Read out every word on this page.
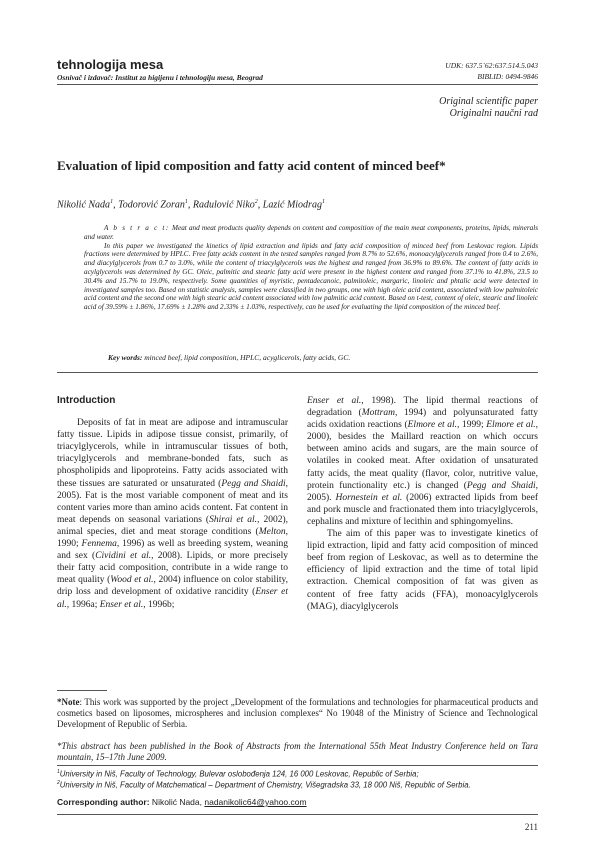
tehnologija mesa
Osnivač i izdavač: Institut za higijenu i tehnologiju mesa, Beograd
UDK: 637.5`62:637.514.5.043
BIBLID: 0494-9846
Original scientific paper
Originalni naučni rad
Evaluation of lipid composition and fatty acid content of minced beef*
Nikolić Nada$^1$, Todorović Zoran$^1$, Radulović Niko$^2$, Lazić Miodrag$^1$

A b s t r a c t: Meat and meat products quality depends on content and composition of the main meat components, proteins, lipids, minerals and water.

In this paper we investigated the kinetics of lipid extraction and lipids and fatty acid composition of minced beef from Leskovac region. Lipids fractions were determined by HPLC. Free fatty acids content in the tested samples ranged from 8.7% to 52.6%, monoacylglycerols ranged from 0.4 to 2.6%, and diacylglycerols from 0.7 to 3.0%, while the content of triacylglycerols was the highest and ranged from 36.9% to 89.6%. The content of fatty acids in acylglycerols was determined by GC. Oleic, palmitic and stearic fatty acid were present in the highest content and ranged from 37.1% to 41.8%, 23.5 to 30.4% and 15.7% to 19.0%, respectively. Some quantities of myristic, pentadecanoic, palmitoleic, margaric, linoleic and phtalic acid were detected in investigated samples too. Based on statistic analysis, samples were classified in two groups, one with high oleic acid content, associated with low palmitoleic acid content and the second one with high stearic acid content associated with low palmitic acid content. Based on t-test, content of oleic, stearic and linoleic acid of 39.59% ± 1.86%, 17.69% ± 1.28% and 2.33% ± 1.03%, respectively, can be used for evaluating the lipid composition of the minced beef.

Key words: minced beef, lipid composition, HPLC, acyglicerols, fatty acids, GC.
Introduction

Deposits of fat in meat are adipose and intramuscular fatty tissue. Lipids in adipose tissue consist, primarily, of triacylglycerols, while in intramuscular tissues of both, triacylglycerols and membrane-bonded fats, such as phospholipids and lipoproteins. Fatty acids associated with these tissues are saturated or unsaturated (Pegg and Shaidi, 2005). Fat is the most variable component of meat and its content varies more than amino acids content. Fat content in meat depends on seasonal variations (Shirai et al., 2002), animal species, diet and meat storage conditions (Melton, 1990; Fennema, 1996) as well as breeding system, weaning and sex (Cividini et al., 2008). Lipids, or more precisely their fatty acid composition, contribute in a wide range to meat quality (Wood et al., 2004) influence on color stability, drip loss and development of oxidative rancidity (Enser et al., 1996a; Enser et al., 1996b;

Enser et al., 1998). The lipid thermal reactions of degradation (Mottram, 1994) and polyunsaturated fatty acids oxidation reactions (Elmore et al., 1999; Elmore et al., 2000), besides the Maillard reaction on which occurs between amino acids and sugars, are the main source of volatiles in cooked meat. After oxidation of unsaturated fatty acids, the meat quality (flavor, color, nutritive value, protein functionality etc.) is changed (Pegg and Shaidi, 2005). Hornestein et al. (2006) extracted lipids from beef and pork muscle and fractionated them into triacylglycerols, cephalins and mixture of lecithin and sphingomyelins.

The aim of this paper was to investigate kinetics of lipid extraction, lipid and fatty acid composition of minced beef from region of Leskovac, as well as to determine the efficiency of lipid extraction and the time of total lipid extraction. Chemical composition of fat was given as content of free fatty acids (FFA), monoacylglycerols (MAG), diacylglycerols

*Note: This work was supported by the project „Development of the formulations and technologies for pharmaceutical products and cosmetics based on liposomes, microspheres and inclusion complexes“ No 19048 of the Ministry of Science and Technological Development of Republic of Serbia.
*This abstract has been published in the Book of Abstracts from the International 55th Meat Industry Conference held on Tara mountain, 15–17th June 2009.
$^1$University in Niš, Faculty of Technology, Bulevar oslobođenja 124, 16 000 Leskovac, Republic of Serbia;
$^2$University in Niš, Faculty of Matchematical – Department of Chemistry, Višegradska 33, 18 000 Niš, Republic of Serbia.
Corresponding author: Nikolić Nada, nadanikolic64@yahoo.com
211
